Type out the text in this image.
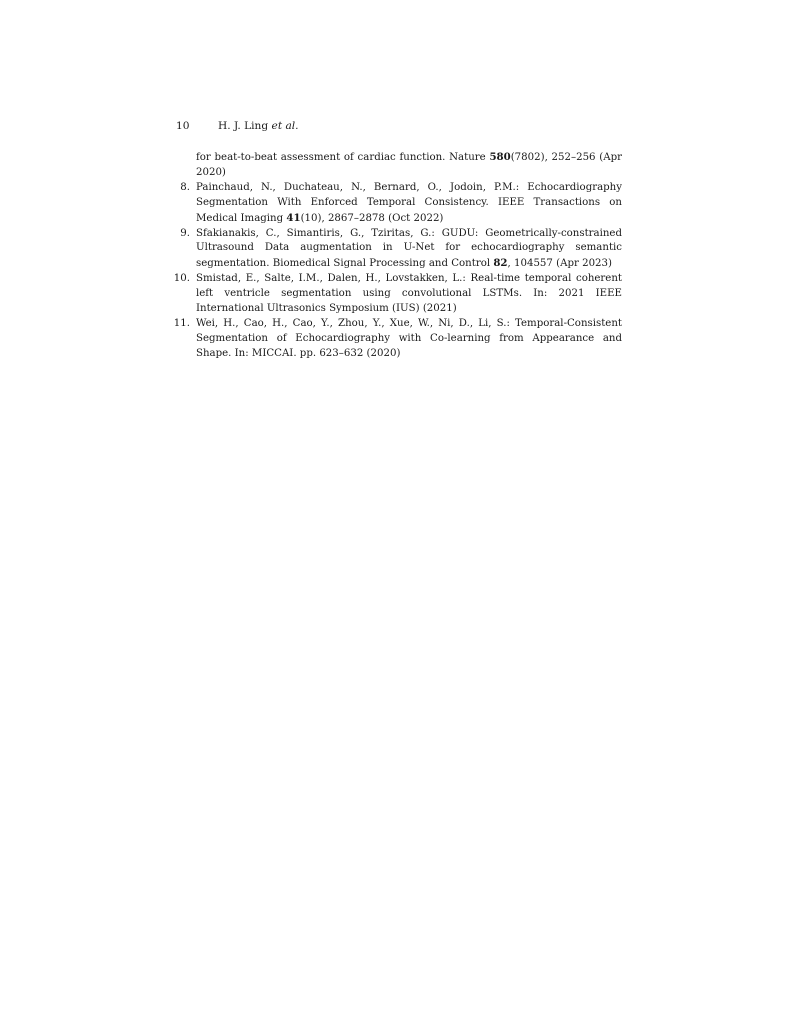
10	H. J. Ling et al.
for beat-to-beat assessment of cardiac function. Nature 580(7802), 252–256 (Apr 2020)
8. Painchaud, N., Duchateau, N., Bernard, O., Jodoin, P.M.: Echocardiography Segmentation With Enforced Temporal Consistency. IEEE Transactions on Medical Imaging 41(10), 2867–2878 (Oct 2022)
9. Sfakianakis, C., Simantiris, G., Tziritas, G.: GUDU: Geometrically-constrained Ultrasound Data augmentation in U-Net for echocardiography semantic segmentation. Biomedical Signal Processing and Control 82, 104557 (Apr 2023)
10. Smistad, E., Salte, I.M., Dalen, H., Lovstakken, L.: Real-time temporal coherent left ventricle segmentation using convolutional LSTMs. In: 2021 IEEE International Ultrasonics Symposium (IUS) (2021)
11. Wei, H., Cao, H., Cao, Y., Zhou, Y., Xue, W., Ni, D., Li, S.: Temporal-Consistent Segmentation of Echocardiography with Co-learning from Appearance and Shape. In: MICCAI. pp. 623–632 (2020)
